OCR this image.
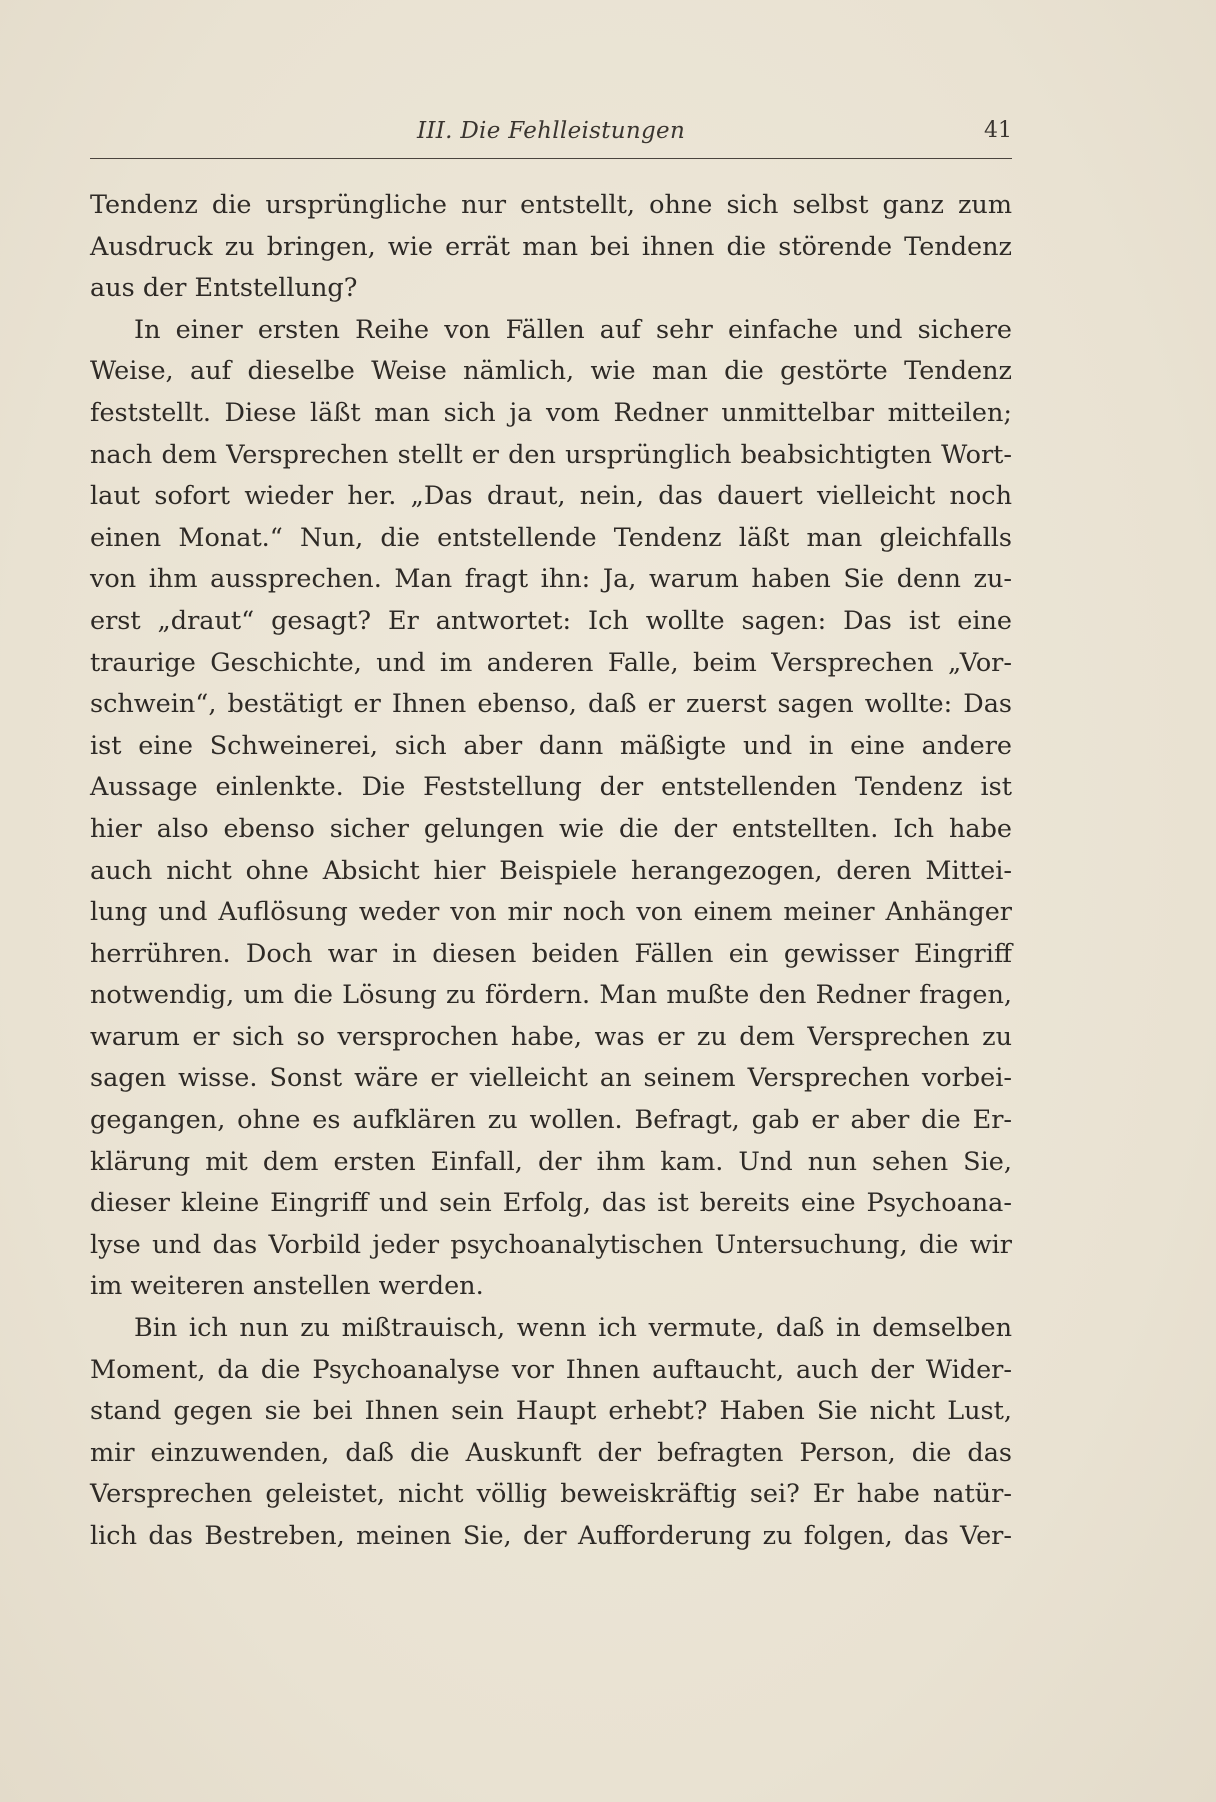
III. Die Fehlleistungen	41
Tendenz die ursprüngliche nur entstellt, ohne sich selbst ganz zum
Ausdruck zu bringen, wie errät man bei ihnen die störende Tendenz
aus der Entstellung?
In einer ersten Reihe von Fällen auf sehr einfache und sichere
Weise, auf dieselbe Weise nämlich, wie man die gestörte Tendenz
feststellt. Diese läßt man sich ja vom Redner unmittelbar mitteilen;
nach dem Versprechen stellt er den ursprünglich beabsichtigten Wort-
laut sofort wieder her. „Das draut, nein, das dauert vielleicht noch
einen Monat.“ Nun, die entstellende Tendenz läßt man gleichfalls
von ihm aussprechen. Man fragt ihn: Ja, warum haben Sie denn zu-
erst „draut“ gesagt? Er antwortet: Ich wollte sagen: Das ist eine
traurige Geschichte, und im anderen Falle, beim Versprechen „Vor-
schwein“, bestätigt er Ihnen ebenso, daß er zuerst sagen wollte: Das
ist eine Schweinerei, sich aber dann mäßigte und in eine andere
Aussage einlenkte. Die Feststellung der entstellenden Tendenz ist
hier also ebenso sicher gelungen wie die der entstellten. Ich habe
auch nicht ohne Absicht hier Beispiele herangezogen, deren Mittei-
lung und Auflösung weder von mir noch von einem meiner Anhänger
herrühren. Doch war in diesen beiden Fällen ein gewisser Eingriff
notwendig, um die Lösung zu fördern. Man mußte den Redner fragen,
warum er sich so versprochen habe, was er zu dem Versprechen zu
sagen wisse. Sonst wäre er vielleicht an seinem Versprechen vorbei-
gegangen, ohne es aufklären zu wollen. Befragt, gab er aber die Er-
klärung mit dem ersten Einfall, der ihm kam. Und nun sehen Sie,
dieser kleine Eingriff und sein Erfolg, das ist bereits eine Psychoana-
lyse und das Vorbild jeder psychoanalytischen Untersuchung, die wir
im weiteren anstellen werden.
Bin ich nun zu mißtrauisch, wenn ich vermute, daß in demselben
Moment, da die Psychoanalyse vor Ihnen auftaucht, auch der Wider-
stand gegen sie bei Ihnen sein Haupt erhebt? Haben Sie nicht Lust,
mir einzuwenden, daß die Auskunft der befragten Person, die das
Versprechen geleistet, nicht völlig beweiskräftig sei? Er habe natür-
lich das Bestreben, meinen Sie, der Aufforderung zu folgen, das Ver-
